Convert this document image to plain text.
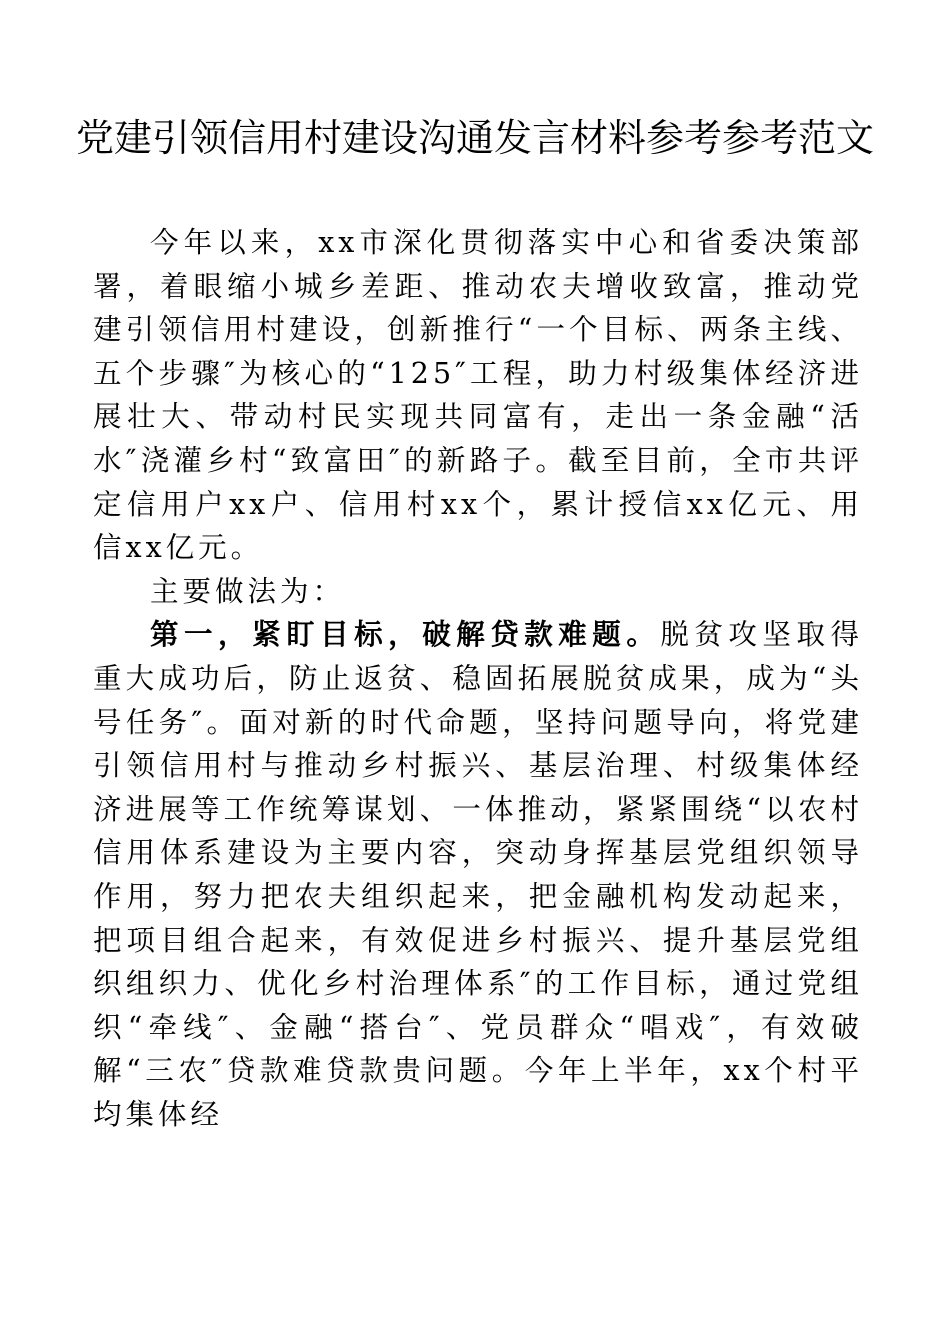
党建引领信用村建设沟通发言材料参考参考范文

今年以来，xx市深化贯彻落实中心和省委决策部署，着眼缩小城乡差距、推动农夫增收致富，推动党建引领信用村建设，创新推行“一个目标、两条主线、五个步骤″为核心的“125″工程，助力村级集体经济进展壮大、带动村民实现共同富有，走出一条金融“活水″浇灌乡村“致富田″的新路子。截至目前，全市共评定信用户xx户、信用村xx个，累计授信xx亿元、用信xx亿元。

主要做法为：

第一，紧盯目标，破解贷款难题。脱贫攻坚取得重大成功后，防止返贫、稳固拓展脱贫成果，成为“头号任务″。面对新的时代命题，坚持问题导向，将党建引领信用村与推动乡村振兴、基层治理、村级集体经济进展等工作统筹谋划、一体推动，紧紧围绕“以农村信用体系建设为主要内容，突动身挥基层党组织领导作用，努力把农夫组织起来，把金融机构发动起来，把项目组合起来，有效促进乡村振兴、提升基层党组织组织力、优化乡村治理体系″的工作目标，通过党组织“牵线″、金融“搭台″、党员群众“唱戏″，有效破解“三农″贷款难贷款贵问题。今年上半年，xx个村平均集体经
